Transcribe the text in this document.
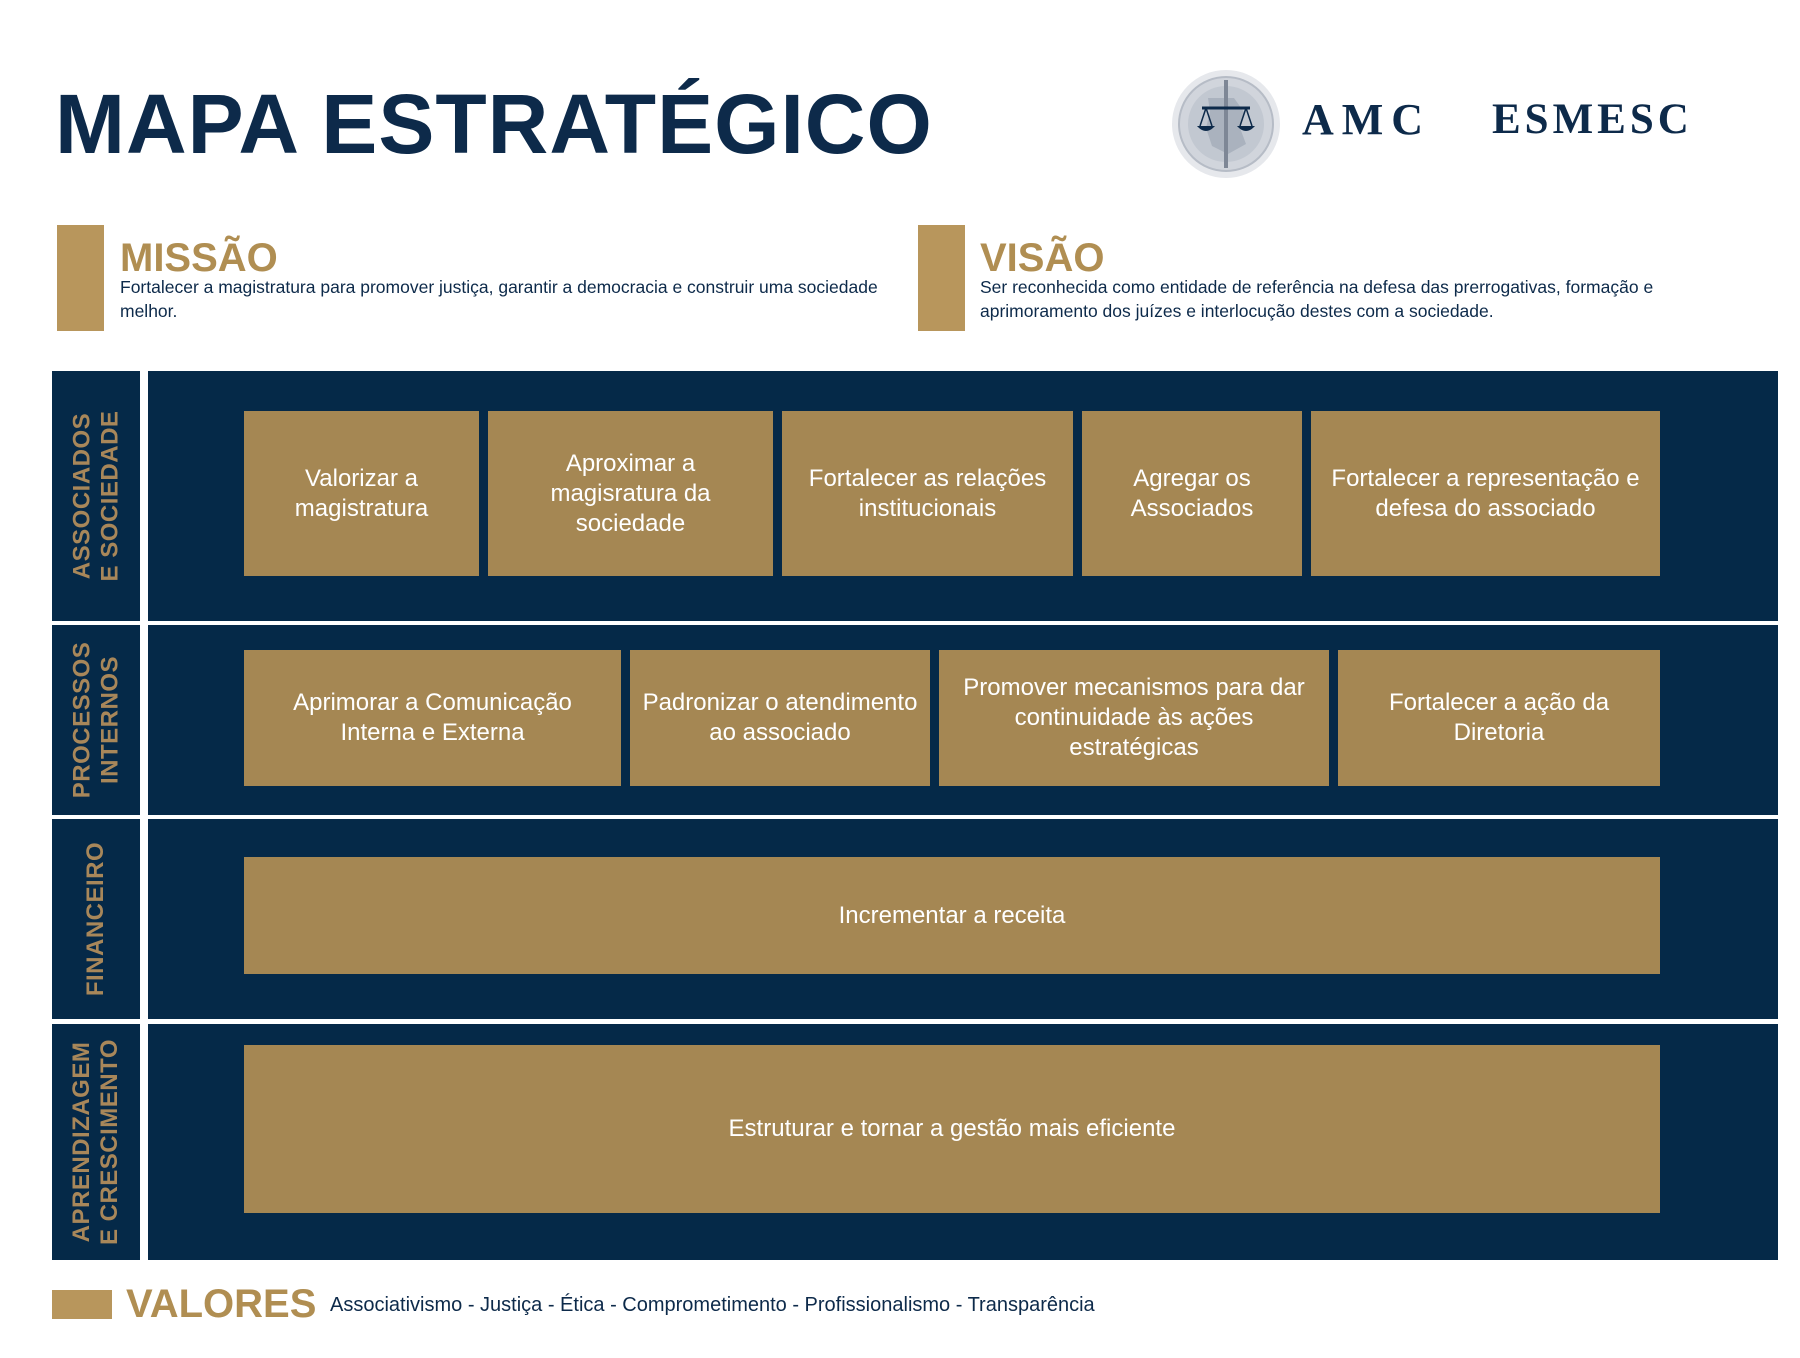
MAPA ESTRATÉGICO	AMC ESMESC
MISSÃO
Fortalecer a magistratura para promover justiça, garantir a democracia e construir uma sociedade melhor.
VISÃO
Ser reconhecida como entidade de referência na defesa das prerrogativas, formação e aprimoramento dos juízes e interlocução destes com a sociedade.
ASSOCIADOS E SOCIEDADE	Valorizar a magistratura
Aproximar a magisratura da sociedade
Fortalecer as relações institucionais
Agregar os Associados
Fortalecer a representação e defesa do associado
PROCESSOS INTERNOS	Aprimorar a Comunicação Interna e Externa
Padronizar o atendimento ao associado
Promover mecanismos para dar continuidade às ações estratégicas
Fortalecer a ação da Diretoria
FINANCEIRO	Incrementar a receita
APRENDIZAGEM E CRESCIMENTO	Estruturar e tornar a gestão mais eficiente
VALORES Associativismo - Justiça - Ética - Comprometimento - Profissionalismo - Transparência
